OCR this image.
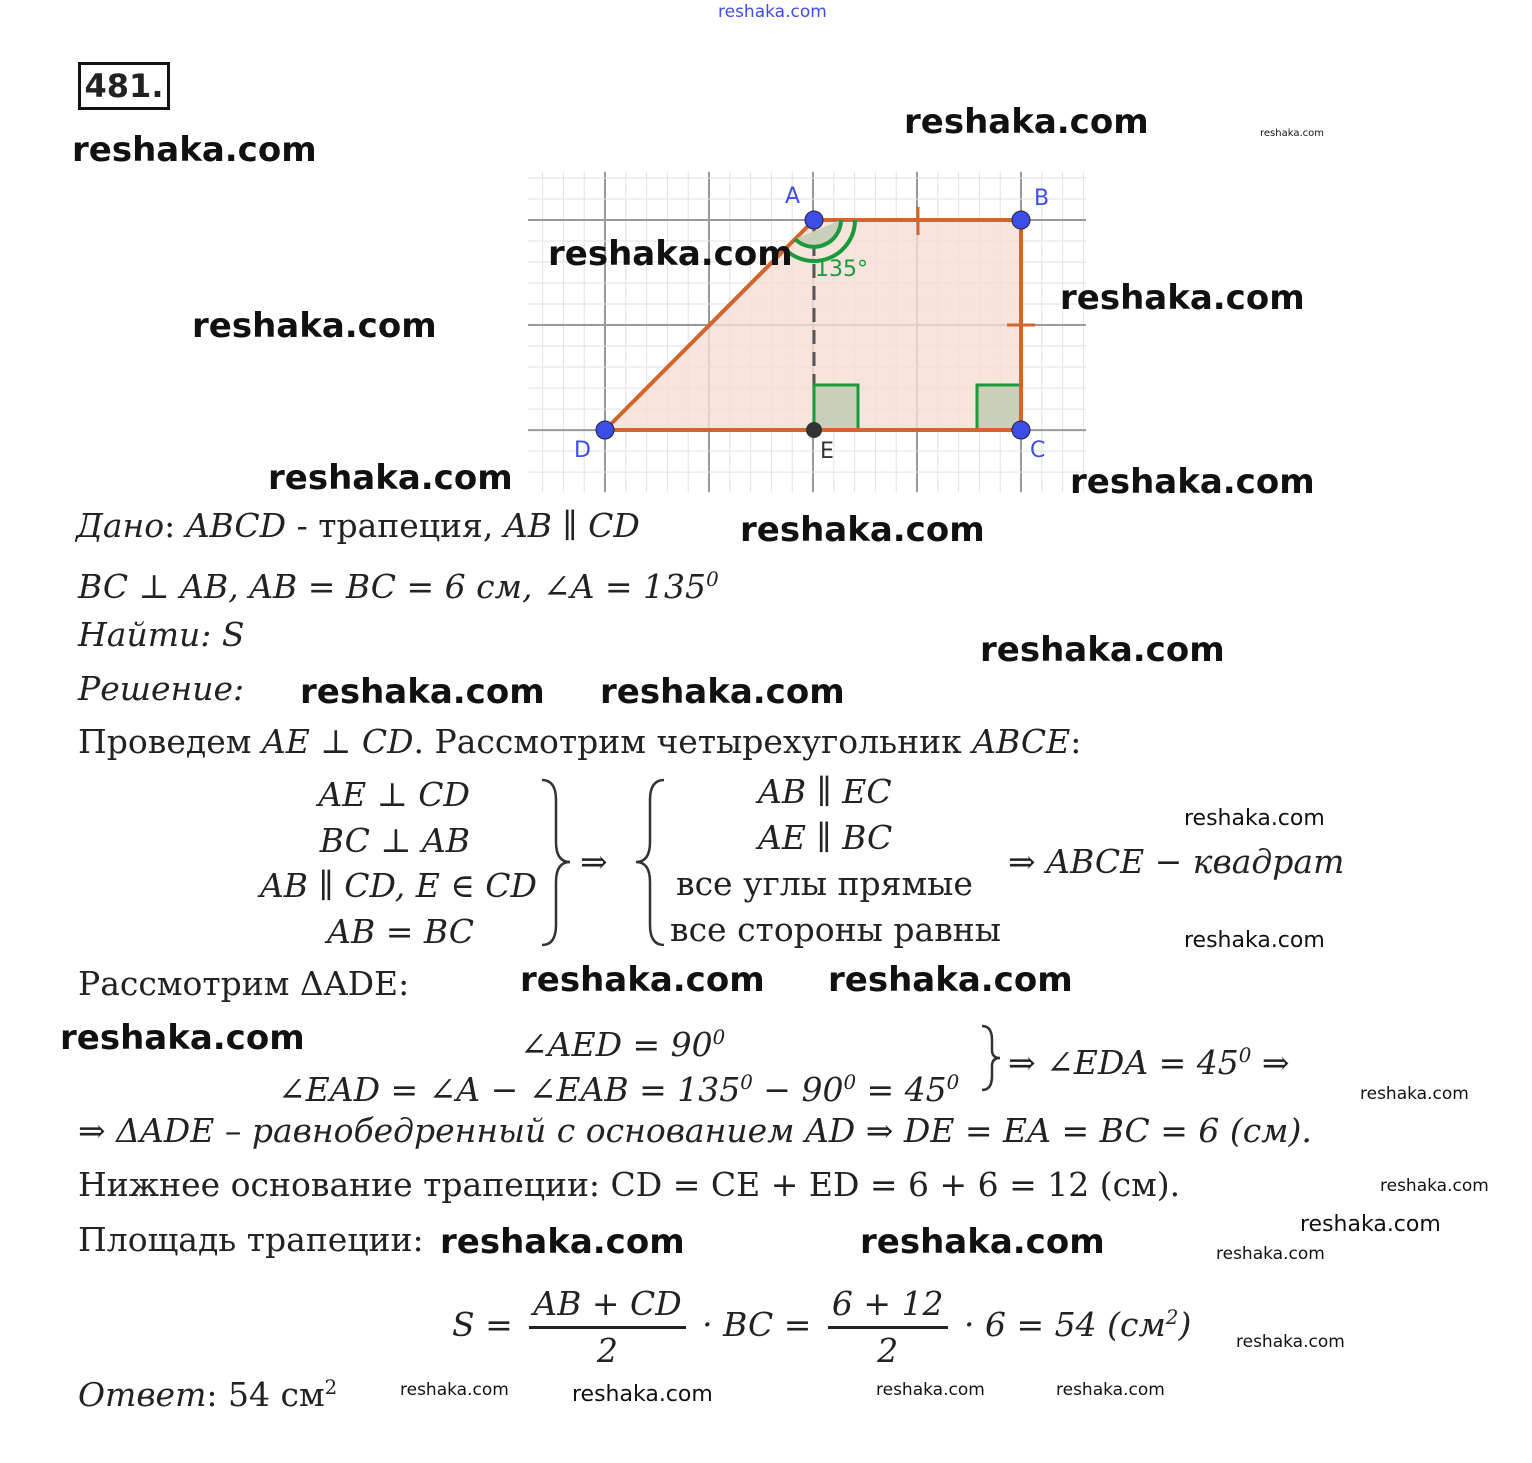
reshaka.com
481.
135°
A	B
C
D	E
Дано: ABCD - трапеция, AB ∥ CD
BC ⊥ AB, AB = BC = 6 см, ∠A = $135^0$
Найти: S
Решение:
Проведем AE ⊥ CD. Рассмотрим четырехугольник ABCE:
AE ⊥ CD
BC ⊥ AB
AB ∥ CD, E ∈ CD
AB = BC
⇒
AB ∥ EC
AE ∥ BC
все углы прямые
все стороны равны
⇒ ABCE − квадрат
Рассмотрим ΔADE:
∠AED = $90^0$
∠EAD = ∠A − ∠EAB = $135^0 - 90^0 = 45^0$
⇒ ∠EDA = $45^0$ ⇒
⇒ ΔADE – равнобедренный с основанием AD ⇒ DE = EA = BC = 6 (см).
Нижнее основание трапеции: CD = CE + ED = 6 + 6 = 12 (см).
Площадь трапеции:
$S = \frac{AB + CD}{2}$ · BC = $\frac{6 + 12}{2} \cdot 6 = 54$ $(см^2)$
Ответ: 54 $см^2$
reshaka.com
reshaka.com	reshaka.com
reshaka.com
reshaka.com
reshaka.com
reshaka.com
reshaka.com
reshaka.com
reshaka.com
reshaka.com reshaka.com
reshaka.com
reshaka.com
reshaka.com reshaka.com
reshaka.com
reshaka.com
reshaka.com
reshaka.com
reshaka.com	reshaka.com	reshaka.com
reshaka.com
reshaka.com
reshaka.com	reshaka.com	reshaka.com
